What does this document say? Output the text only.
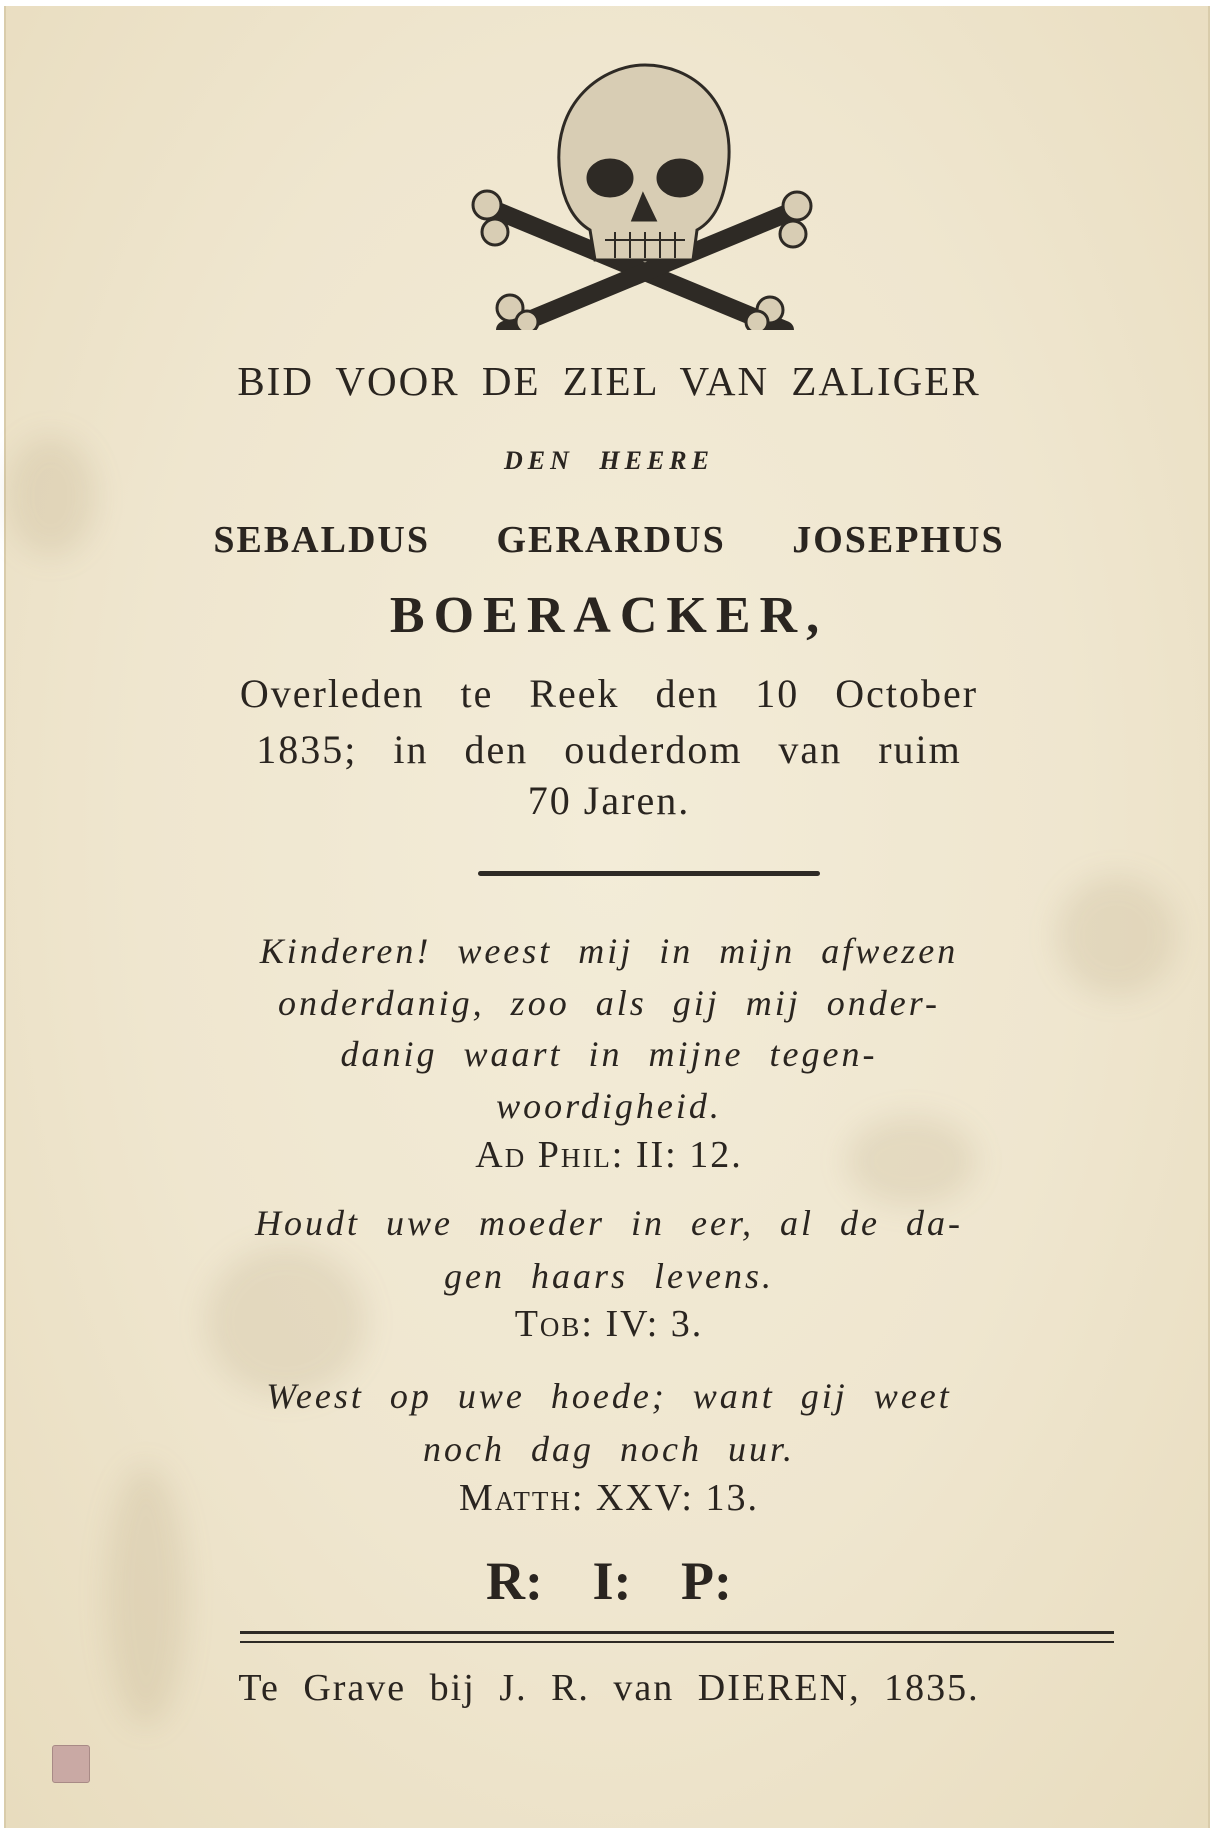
BID VOOR DE ZIEL VAN ZALIGER

DEN HEERE

SEBALDUS GERARDUS JOSEPHUS

BOERACKER,

Overleden te Reek den 10 October

1835; in den ouderdom van ruim

70 Jaren.

Kinderen! weest mij in mijn afwezen

onderdanig, zoo als gij mij onder-

danig waart in mijne tegen-

woordigheid.

Ad Phil: II: 12.

Houdt uwe moeder in eer, al de da-

gen haars levens.

Tob: IV: 3.

Weest op uwe hoede; want gij weet

noch dag noch uur.

Matth: XXV: 13.

R: I: P:

Te Grave bij J. R. van DIEREN, 1835.
